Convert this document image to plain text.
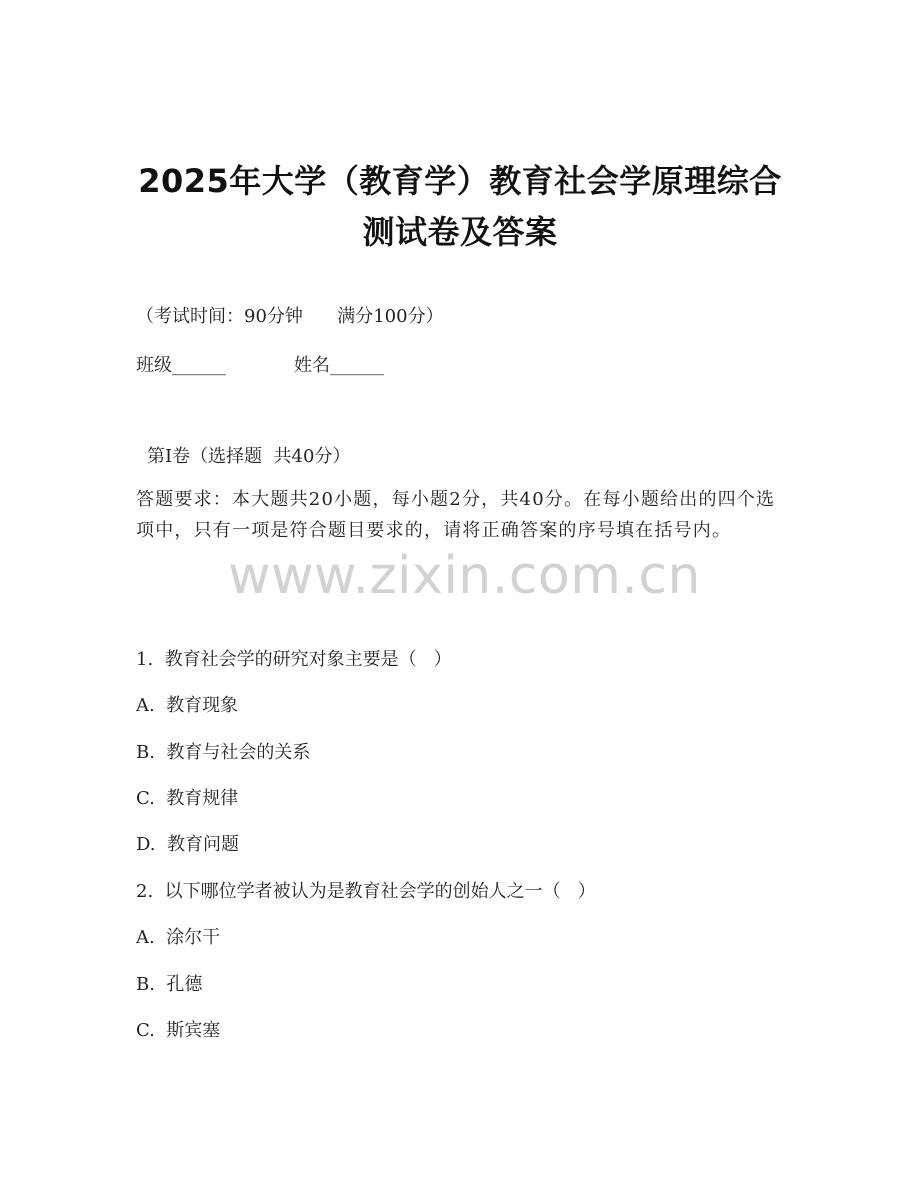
2025年大学（教育学）教育社会学原理综合
测试卷及答案
（考试时间：90分钟      满分100分）
班级______	姓名______
第I卷（选择题  共40分）
答题要求：本大题共20小题，每小题2分，共40分。在每小题给出的四个选项中，只有一项是符合题目要求的，请将正确答案的序号填在括号内。
www.zixin.com.cn
1.  教育社会学的研究对象主要是（   ）
A.  教育现象
B.  教育与社会的关系
C.  教育规律
D.  教育问题
2.  以下哪位学者被认为是教育社会学的创始人之一（   ）
A.  涂尔干
B.  孔德
C.  斯宾塞
